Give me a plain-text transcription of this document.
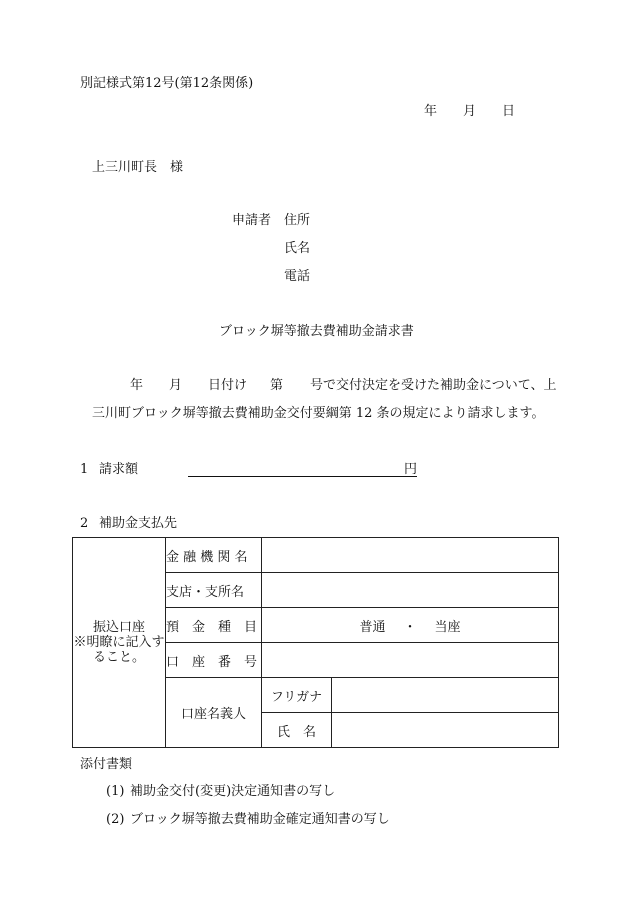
別記様式第12号(第12条関係)
年 月 日
上三川町長　様
申請者 住所
氏名
電話
ブロック塀等撤去費補助金請求書
年 月 日付け 第 号で交付決定を受けた補助金について、上
三川町ブロック塀等撤去費補助金交付要綱第 12 条の規定により請求します。
1 請求額	円
2 補助金支払先
振込口座
※明瞭に記入す
ること。	金 融 機 関 名		
	支店・支所名		
	預　金　種　目	普通 ・ 当座	
	口　座　番　号		
	口座名義人	フリガナ	
		氏　名	
添付書類
(1) 補助金交付(変更)決定通知書の写し
(2) ブロック塀等撤去費補助金確定通知書の写し
